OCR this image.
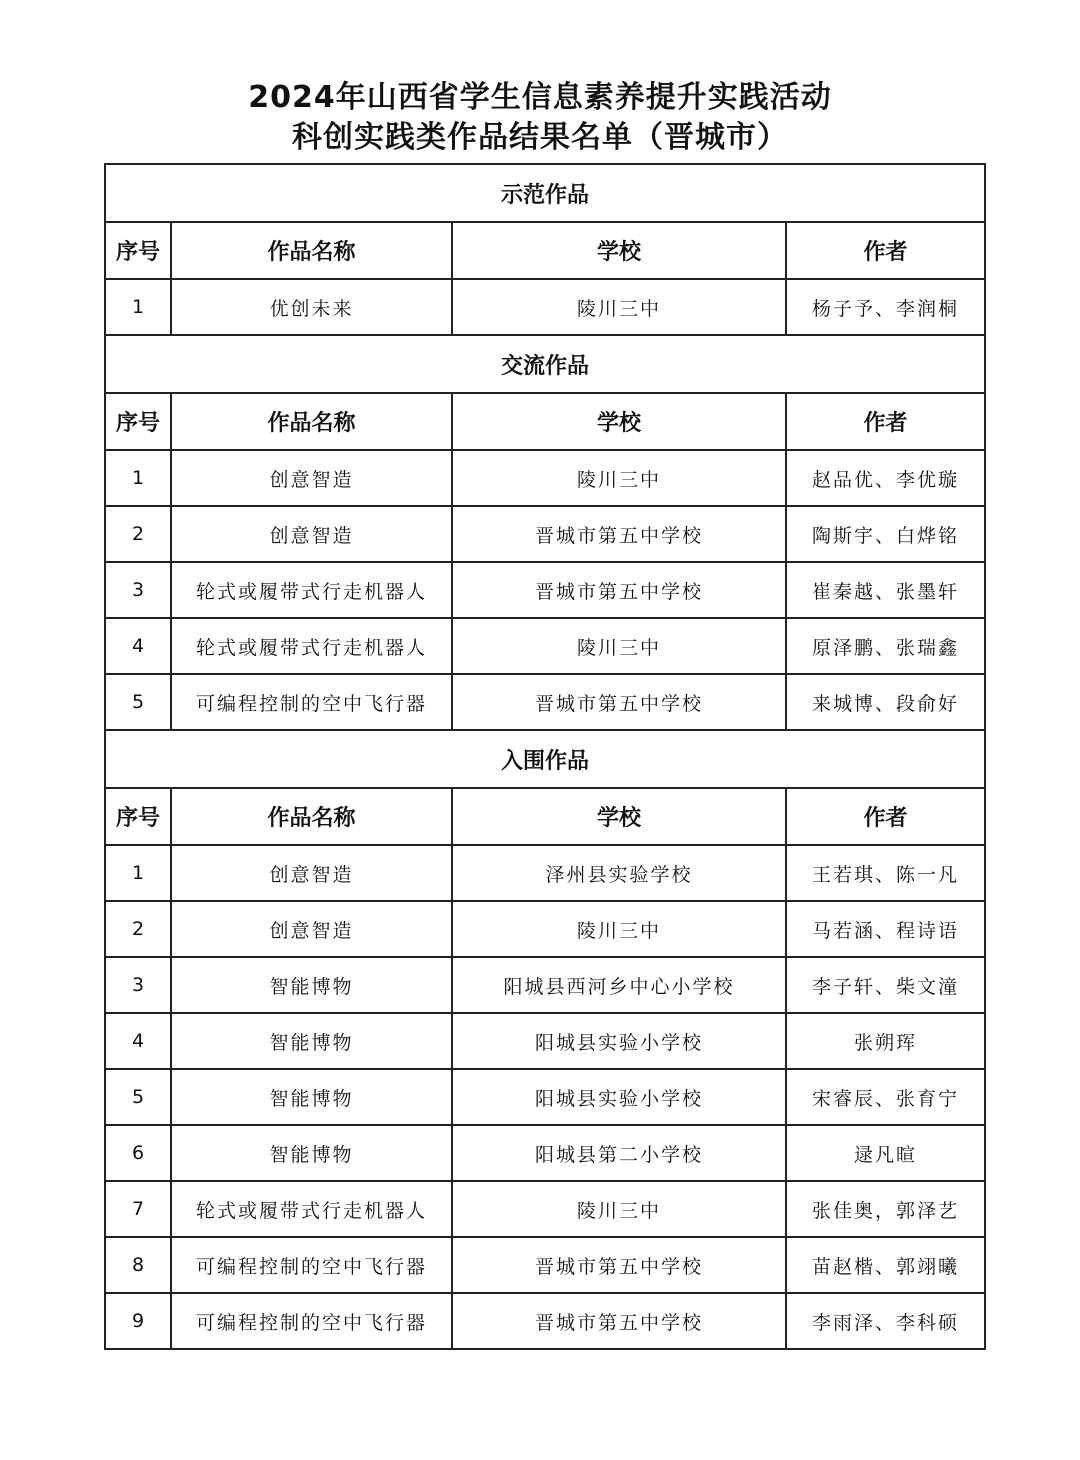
2024年山西省学生信息素养提升实践活动
科创实践类作品结果名单（晋城市）
示范作品			
序号	作品名称	学校	作者
1	优创未来	陵川三中	杨子予、李润桐
交流作品			
序号	作品名称	学校	作者
1	创意智造	陵川三中	赵品优、李优璇
2	创意智造	晋城市第五中学校	陶斯宇、白烨铭
3	轮式或履带式行走机器人	晋城市第五中学校	崔秦越、张墨轩
4	轮式或履带式行走机器人	陵川三中	原泽鹏、张瑞鑫
5	可编程控制的空中飞行器	晋城市第五中学校	来城博、段俞好
入围作品			
序号	作品名称	学校	作者
1	创意智造	泽州县实验学校	王若琪、陈一凡
2	创意智造	陵川三中	马若涵、程诗语
3	智能博物	阳城县西河乡中心小学校	李子轩、柴文潼
4	智能博物	阳城县实验小学校	张朔珲
5	智能博物	阳城县实验小学校	宋睿辰、张育宁
6	智能博物	阳城县第二小学校	逯凡暄
7	轮式或履带式行走机器人	陵川三中	张佳奥，郭泽艺
8	可编程控制的空中飞行器	晋城市第五中学校	苗赵楷、郭翊曦
9	可编程控制的空中飞行器	晋城市第五中学校	李雨泽、李科硕
